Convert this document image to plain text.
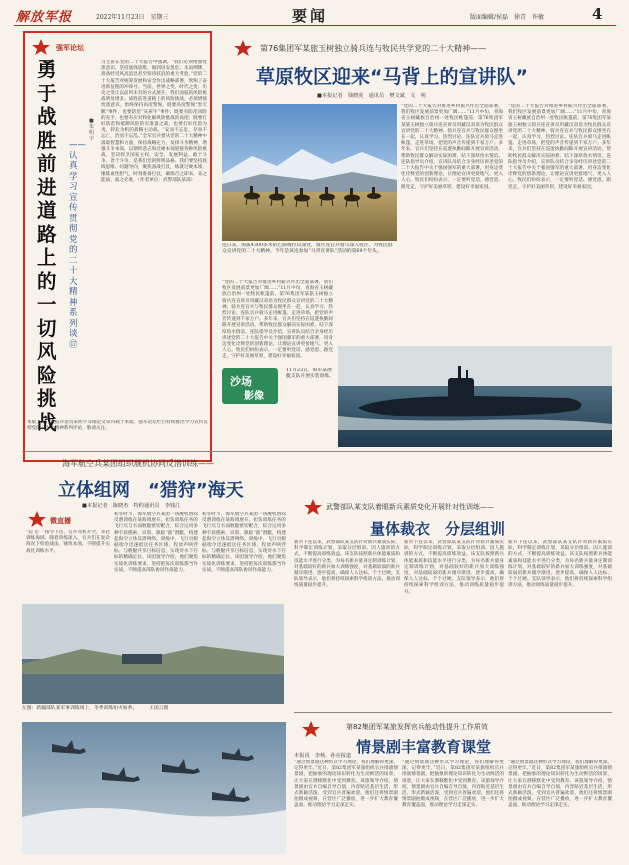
解放军报	2022年11月23日　星期三	要闻	版面编辑/侯磊　徐青　许敏	4
强军论坛
勇于战胜前进道路上的一切风险挑战
——认真学习宣传贯彻党的二十大精神系列谈⑰
■朱明宇
习主席在党的二十大报告中强调，“我们必须增强忧患意识，坚持底线思维，做到居安思危、未雨绸缪，准备经受风高浪急甚至惊涛骇浪的重大考验。”党的二十大报告对统筹发展和安全作出战略部署，吹响了奋进新征程的冲锋号。当前，世界之变、时代之变、历史之变正以前所未有的方式展开，我们面临的风险挑战明显增多。战胜前进道路上的风险挑战，必须增强忧患意识，始终保持高度警惕，既要高度警惕“黑天鹅”事件，也要防范“灰犀牛”事件；既要有防范风险的先手，也要有应对和化解风险挑战的高招；既要打好防范和抵御风险的有准备之战，也要打好化险为夷、转危为机的战略主动战。“安而不忘危，存而不忘亡，治而不忘乱。”全军官兵要从党的二十大精神中汲取智慧和力量，保持战略定力，发扬斗争精神，增强斗争本领，以钢铁意志和过硬本领迎接各种风险挑战，坚决捍卫国家主权、安全、发展利益。敢于斗争、善于斗争，是我们党的鲜明品格。我们要坚持底线思维、问题导向，聚焦备战打仗，练就过硬本领，锤炼血性胆气，时刻准备打仗，确保召之即来、来之能战、战之必胜。（作者单位：武警部队某部）
本版上方：该报评论员朱明宇等理论文章刊载于本版，强军论坛栏目持续推出学习宣传贯彻党的二十大精神系列评论，敬请关注。
第76集团军某旅玉树独立骑兵连与牧民共学党的二十大精神——
草原牧区迎来“马背上的宣讲队”
■本报记者　钱晓虎　通讯员　樊文斌　文　明
连日来，海拔4300多米的巴颜喀拉山深处，骑兵连官兵骑马深入牧区，为牧民群众宣讲党的二十大精神。今年是该连参加“马背宣讲队”活动的第69个年头。
“党的二十大报告对推进乡村振兴作出全面部署，我们牧区发展前景更加广阔……”11月中旬，青海省玉树藏族自治州一处牧民帐篷前，第76集团军某旅玉树独立骑兵连宣讲员用藏汉双语为牧民群众宣讲党的二十大精神。骑兵连官兵与牧民群众围坐在一起，认真学习、热烈讨论。连队官兵骑马走进帐篷、走进草场，把党的声音传递到千家万户。多年来，官兵们坚持在巡逻执勤间隙开展宣讲活动，帮助牧民群众解决实际困难，结下深厚鱼水情谊。连队指导员介绍，宣讲队员结合亲身经历讲述党的二十大报告中关于强国强军的重大部署，用身边变化诠释党的创新理论，让理论宣讲更接地气、更入人心。牧民们纷纷表示，一定要听党话、感党恩、跟党走，守护好美丽草原，建设好幸福家园。
“党的二十大报告对推进乡村振兴作出全面部署，我们牧区发展前景更加广阔……”11月中旬，青海省玉树藏族自治州一处牧民帐篷前，第76集团军某旅玉树独立骑兵连宣讲员用藏汉双语为牧民群众宣讲党的二十大精神。骑兵连官兵与牧民群众围坐在一起，认真学习、热烈讨论。连队官兵骑马走进帐篷、走进草场，把党的声音传递到千家万户。多年来，官兵们坚持在巡逻执勤间隙开展宣讲活动，帮助牧民群众解决实际困难，结下深厚鱼水情谊。连队指导员介绍，宣讲队员结合亲身经历讲述党的二十大报告中关于强国强军的重大部署，用身边变化诠释党的创新理论，让理论宣讲更接地气、更入人心。牧民们纷纷表示，一定要听党话、感党恩、跟党走，守护好美丽草原，建设好幸福家园。
“党的二十大报告对推进乡村振兴作出全面部署，我们牧区发展前景更加广阔……”11月中旬，青海省玉树藏族自治州一处牧民帐篷前，第76集团军某旅玉树独立骑兵连宣讲员用藏汉双语为牧民群众宣讲党的二十大精神。骑兵连官兵与牧民群众围坐在一起，认真学习、热烈讨论。连队官兵骑马走进帐篷、走进草场，把党的声音传递到千家万户。多年来，官兵们坚持在巡逻执勤间隙开展宣讲活动，帮助牧民群众解决实际困难，结下深厚鱼水情谊。连队指导员介绍，宣讲队员结合亲身经历讲述党的二十大报告中关于强国强军的重大部署，用身边变化诠释党的创新理论，让理论宣讲更接地气、更入人心。牧民们纷纷表示，一定要听党话、感党恩、跟党走，守护好美丽草原，建设好幸福家园。
沙场
影像
11月23日，海军某潜艇支队开展实装训练。
海军航空兵某团组织舰机协同反潜训练——
立体组网　“猎狩”海天
■本报记者　陈晓杰　特约通讯员　李钱江
微直播
“起飞！”指令下达，官兵驾机升空，奔赴训练海域。随着训练深入，官兵们在复杂海况下检验战法，锤炼本领，不断提升实战化训练水平。
初冬时节，海军航空兵某团一场舰机协同反潜训练在某海域展开。担负训练任务的飞行员与水面舰艇密切配合，综合运用多种手段搜索、识别、跟踪“敌”潜艇，构建起海空立体反潜网络。训练中，飞行员根据指令迅速抵达任务区域，投放声呐浮标，与舰艇共享目标信息，实现对水下目标的精确定位。该团领导介绍，他们聚焦实战化训练要求，坚持把每次训练都当作实战，不断提高部队协同作战能力。
初冬时节，海军航空兵某团一场舰机协同反潜训练在某海域展开。担负训练任务的飞行员与水面舰艇密切配合，综合运用多种手段搜索、识别、跟踪“敌”潜艇，构建起海空立体反潜网络。训练中，飞行员根据指令迅速抵达任务区域，投放声呐浮标，与舰艇共享目标信息，实现对水下目标的精确定位。该团领导介绍，他们聚焦实战化训练要求，坚持把每次训练都当作实战，不断提高部队协同作战能力。
左图：新疆部队某军事训练场上，冬季训练如火如荼。　　　王国云摄
武警部队某支队着眼新兵素质变化开展针对性训练——
量体裁衣　分层组训
新兵下连以来，武警部队某支队针对新兵素质实际，科学制定训练计划，采取分层组训、因人施训的方式，不断提高训练效益。该支队按照新兵体能素质和技能水平进行分类，为每名新兵量身定制训练计划，对基础较好的新兵加大训练强度，对基础较弱的新兵循序渐进、逐步提高，确保人人达标、个个过硬。支队领导表示，他们将持续探索科学组训方法，推动训练质量稳步提升。
新兵下连以来，武警部队某支队针对新兵素质实际，科学制定训练计划，采取分层组训、因人施训的方式，不断提高训练效益。该支队按照新兵体能素质和技能水平进行分类，为每名新兵量身定制训练计划，对基础较好的新兵加大训练强度，对基础较弱的新兵循序渐进、逐步提高，确保人人达标、个个过硬。支队领导表示，他们将持续探索科学组训方法，推动训练质量稳步提升。
新兵下连以来，武警部队某支队针对新兵素质实际，科学制定训练计划，采取分层组训、因人施训的方式，不断提高训练效益。该支队按照新兵体能素质和技能水平进行分类，为每名新兵量身定制训练计划，对基础较好的新兵加大训练强度，对基础较弱的新兵循序渐进、逐步提高，确保人人达标、个个过硬。支队领导表示，他们将持续探索科学组训方法，推动训练质量稳步提升。
第82集团军某旅发挥官兵能动性提升工作质效
情景剧丰富教育课堂
本报讯　李杨、孙亮报道
“通过情景剧这种形式学习理论，我们理解得更深、记得更牢。”近日，第82集团军某旅组织官兵排演情景剧，把抽象的理论知识转化为生动鲜活的场景，让大家在潜移默化中受到教育。该旅领导介绍，情景剧由官兵自编自导自演，内容贴近基层生活，形式新颖活泼，受到官兵普遍欢迎。他们还将情景剧拍摄成视频，在营区广泛播放，进一步扩大教育覆盖面，推动理论学习走深走实。
“通过情景剧这种形式学习理论，我们理解得更深、记得更牢。”近日，第82集团军某旅组织官兵排演情景剧，把抽象的理论知识转化为生动鲜活的场景，让大家在潜移默化中受到教育。该旅领导介绍，情景剧由官兵自编自导自演，内容贴近基层生活，形式新颖活泼，受到官兵普遍欢迎。他们还将情景剧拍摄成视频，在营区广泛播放，进一步扩大教育覆盖面，推动理论学习走深走实。
“通过情景剧这种形式学习理论，我们理解得更深、记得更牢。”近日，第82集团军某旅组织官兵排演情景剧，把抽象的理论知识转化为生动鲜活的场景，让大家在潜移默化中受到教育。该旅领导介绍，情景剧由官兵自编自导自演，内容贴近基层生活，形式新颖活泼，受到官兵普遍欢迎。他们还将情景剧拍摄成视频，在营区广泛播放，进一步扩大教育覆盖面，推动理论学习走深走实。
